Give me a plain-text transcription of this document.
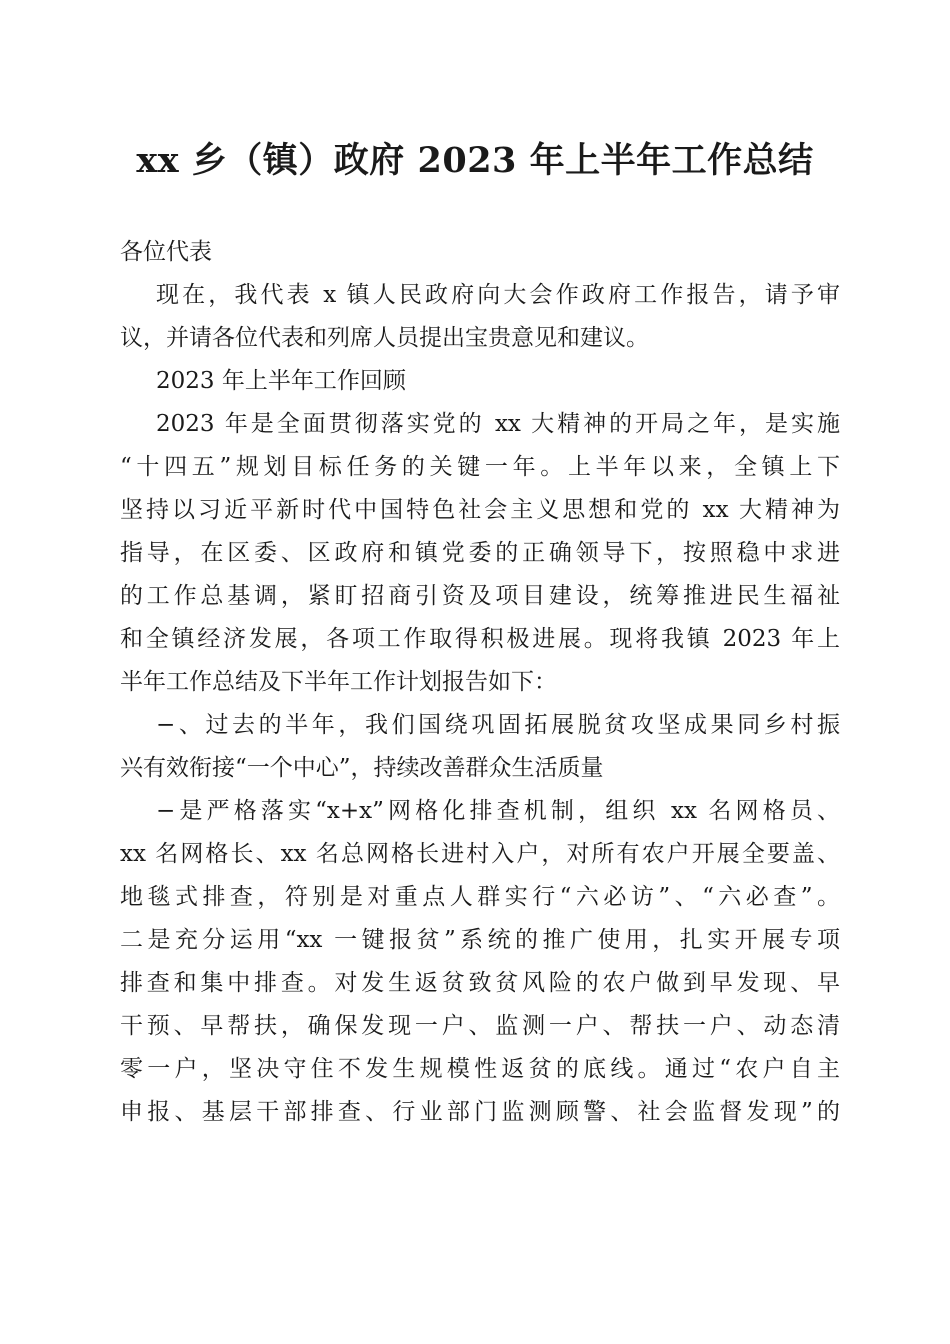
xx 乡（镇）政府 2023 年上半年工作总结
各位代表
现在，我代表 x 镇人民政府向大会作政府工作报告，请予审
议，并请各位代表和列席人员提出宝贵意见和建议。
2023 年上半年工作回顾
2023 年是全面贯彻落实党的 xx 大精神的开局之年，是实施
“十四五”规划目标任务的关键一年。上半年以来，全镇上下
坚持以习近平新时代中国特色社会主义思想和党的 xx 大精神为
指导，在区委、区政府和镇党委的正确领导下，按照稳中求进
的工作总基调，紧盯招商引资及项目建设，统筹推进民生福祉
和全镇经济发展，各项工作取得积极进展。现将我镇 2023 年上
半年工作总结及下半年工作计划报告如下：
−、过去的半年，我们国绕巩固拓展脱贫攻坚成果同乡村振
兴有效衔接“一个中心”，持续改善群众生活质量
−是严格落实“x+x”网格化排查机制，组织 xx 名网格员、
xx 名网格长、xx 名总网格长进村入户，对所有农户开展全要盖、
地毯式排查，符别是对重点人群实行“六必访”、“六必查”。
二是充分运用“xx 一键报贫”系统的推广使用，扎实开展专项
排查和集中排查。对发生返贫致贫风险的农户做到早发现、早
干预、早帮扶，确保发现一户、监测一户、帮扶一户、动态清
零一户，坚决守住不发生规模性返贫的底线。通过“农户自主
申报、基层干部排查、行业部门监测顾警、社会监督发现”的
